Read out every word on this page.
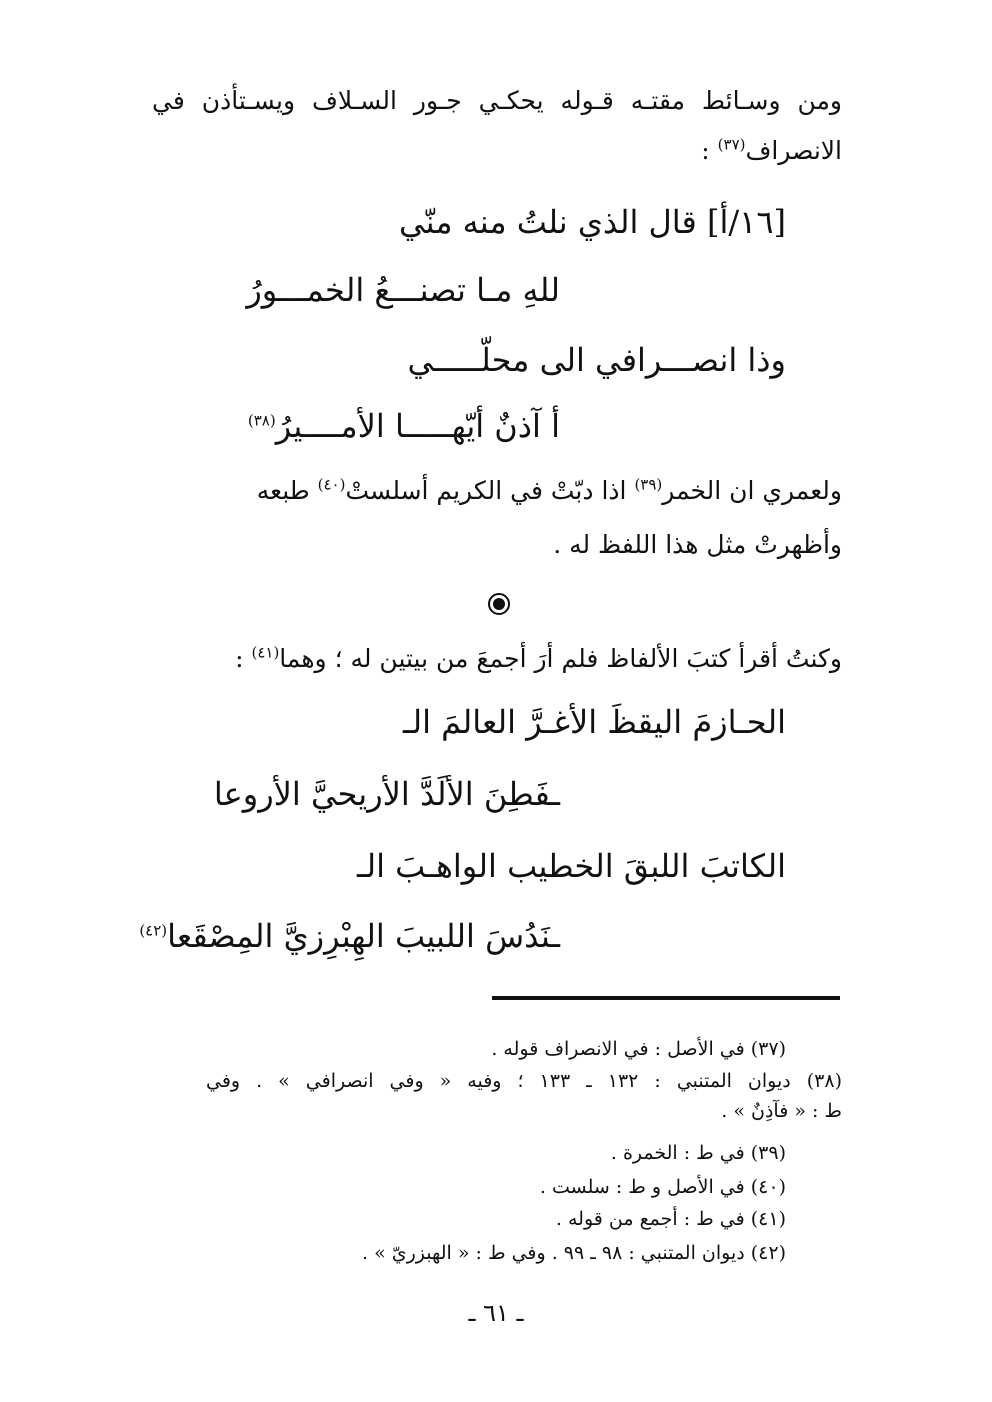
ومن وسـائط مقتـه قـوله يحكـي جـور السـلاف ويسـتأذن في
الانصراف$^{(٣٧)}$ :
[١٦/أ] قال الذي نلتُ منه منّي
للهِ مـا تصنـــعُ الخمـــورُ
وذا انصـــرافي الى محلّـــــي
أ آذنٌ أيّهـــــا الأمــــيرُ$^{(٣٨)}$
ولعمري ان الخمر$^{(٣٩)}$ اذا دبّتْ في الكريم أسلستْ$^{(٤٠)}$ طبعه
وأظهرتْ مثل هذا اللفظ له .
وكنتُ أقرأ كتبَ الألفاظ فلم أرَ أجمعَ من بيتين له ؛ وهما$^{(٤١)}$ :
الحـازمَ اليقظَ الأغـرَّ العالمَ الـ
ـفَطِنَ الألَدَّ الأريحيَّ الأروعا
الكاتبَ اللبقَ الخطيب الواهـبَ الـ
ـنَدُسَ اللبيبَ الهِبْرِزيَّ المِصْقَعا$^{(٤٢)}$
(٣٧) في الأصل : في الانصراف قوله .
(٣٨) ديوان المتنبي : ١٣٢ ـ ١٣٣ ؛ وفيه « وفي انصرافي » . وفي
ط : « فآذِنٌ » .
(٣٩) في ط : الخمرة .
(٤٠) في الأصل و ط : سلست .
(٤١) في ط : أجمع من قوله .
(٤٢) ديوان المتنبي : ٩٨ ـ ٩٩ . وفي ط : « الهبزريّ » .
ـ ٦١ ـ
